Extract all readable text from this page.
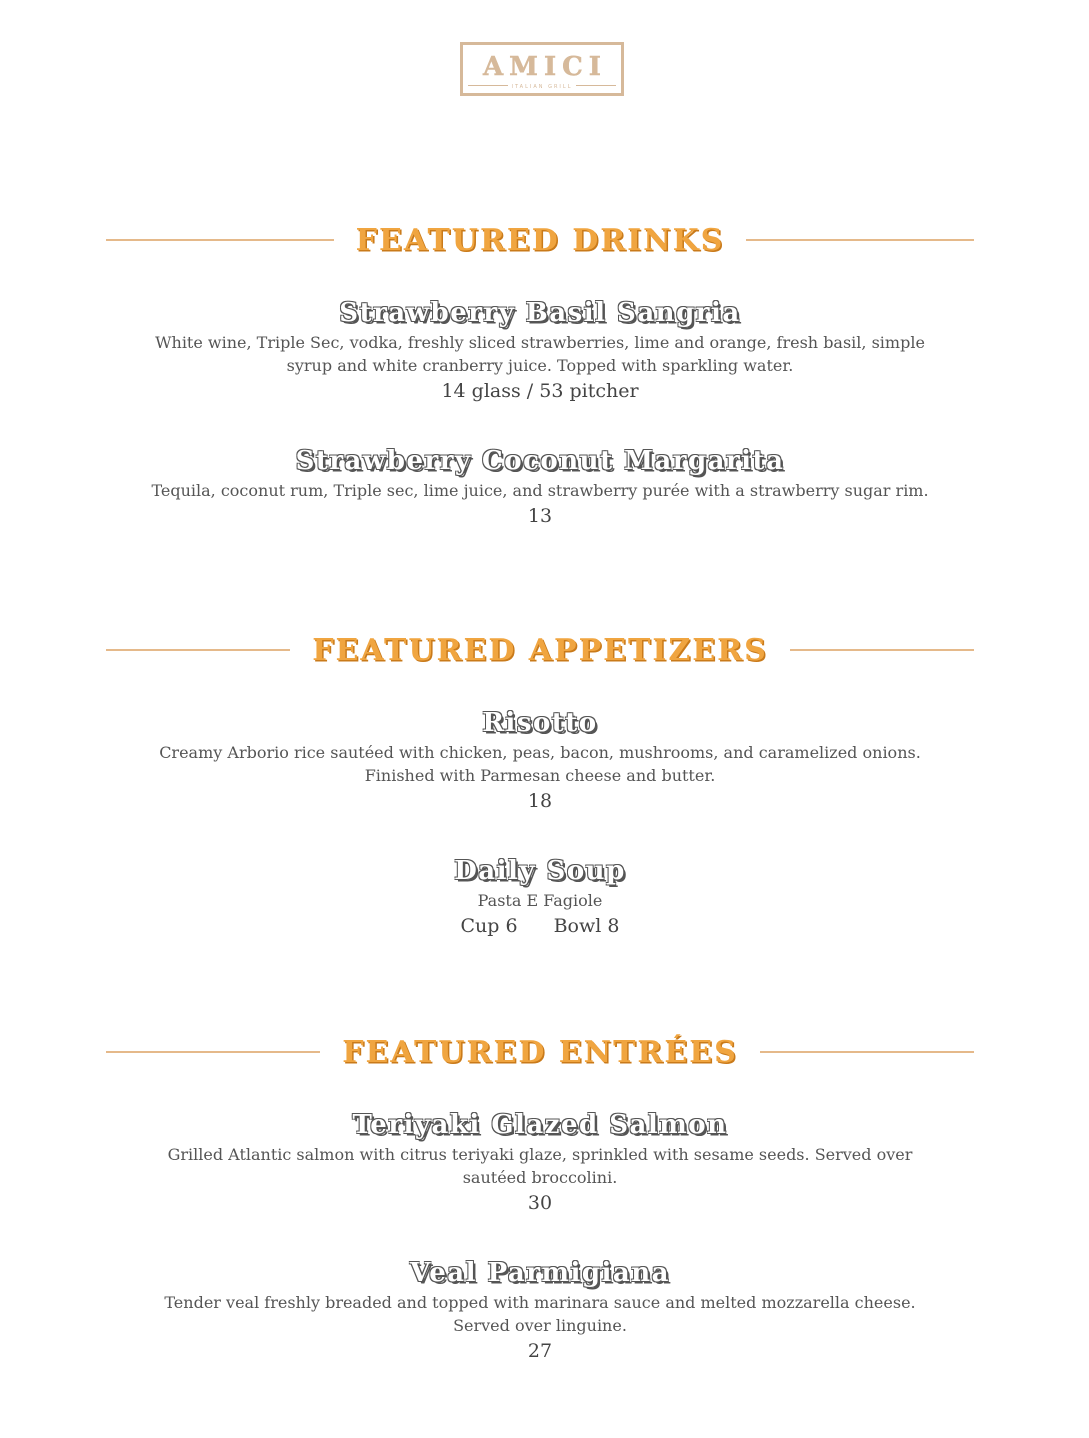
AMICI
ITALIAN GRILL
FEATURED DRINKS
Strawberry Basil Sangria
White wine, Triple Sec, vodka, freshly sliced strawberries, lime and orange, fresh basil, simple
syrup and white cranberry juice. Topped with sparkling water.
14 glass / 53 pitcher
Strawberry Coconut Margarita
Tequila, coconut rum, Triple sec, lime juice, and strawberry purée with a strawberry sugar rim.
13
FEATURED APPETIZERS
Risotto
Creamy Arborio rice sautéed with chicken, peas, bacon, mushrooms, and caramelized onions.
Finished with Parmesan cheese and butter.
18
Daily Soup
Pasta E Fagiole
Cup 6 Bowl 8
FEATURED ENTRÉES
Teriyaki Glazed Salmon
Grilled Atlantic salmon with citrus teriyaki glaze, sprinkled with sesame seeds. Served over
sautéed broccolini.
30
Veal Parmigiana
Tender veal freshly breaded and topped with marinara sauce and melted mozzarella cheese.
Served over linguine.
27
